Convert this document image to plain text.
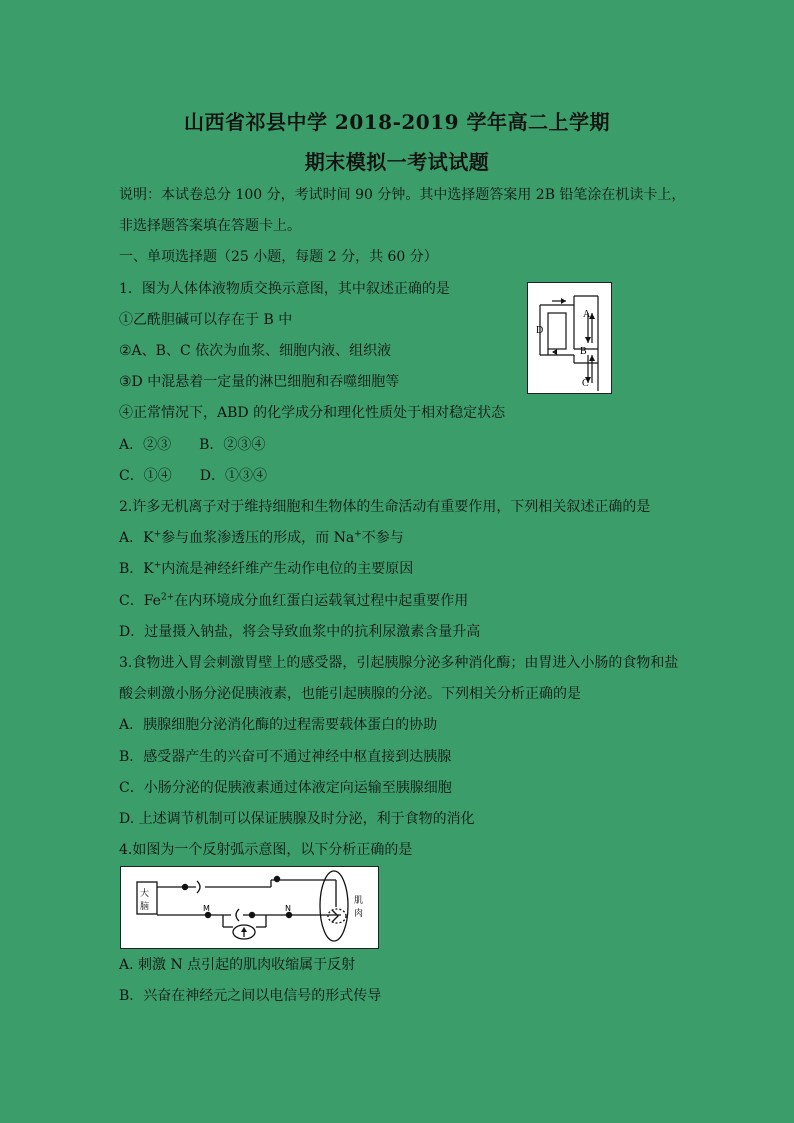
山西省祁县中学 2018-2019 学年高二上学期
期末模拟一考试试题
说明：本试卷总分 100 分，考试时间 90 分钟。其中选择题答案用 2B 铅笔涂在机读卡上，
非选择题答案填在答题卡上。
一、单项选择题（25 小题，每题 2 分，共 60 分）
1．图为人体体液物质交换示意图，其中叙述正确的是
①乙酰胆碱可以存在于 B 中
②A、B、C 依次为血浆、细胞内液、组织液
③D 中混悬着一定量的淋巴细胞和吞噬细胞等
④正常情况下，ABD 的化学成分和理化性质处于相对稳定状态
A．②③ B．②③④
C．①④ D．①③④
A
D
B
C
2.许多无机离子对于维持细胞和生物体的生命活动有重要作用，下列相关叙述正确的是
A．K+参与血浆渗透压的形成，而 Na+不参与
B．K+内流是神经纤维产生动作电位的主要原因
C．$Fe^{2+}$在内环境成分血红蛋白运载氧过程中起重要作用
D．过量摄入钠盐，将会导致血浆中的抗利尿激素含量升高
3.食物进入胃会刺激胃壁上的感受器，引起胰腺分泌多种消化酶；由胃进入小肠的食物和盐
酸会刺激小肠分泌促胰液素，也能引起胰腺的分泌。下列相关分析正确的是
A．胰腺细胞分泌消化酶的过程需要载体蛋白的协助
B．感受器产生的兴奋可不通过神经中枢直接到达胰腺
C．小肠分泌的促胰液素通过体液定向运输至胰腺细胞
D. 上述调节机制可以保证胰腺及时分泌，利于食物的消化
4.如图为一个反射弧示意图，以下分析正确的是
大
脑
肌
肉
M	N
A. 刺激 N 点引起的肌肉收缩属于反射
B．兴奋在神经元之间以电信号的形式传导
